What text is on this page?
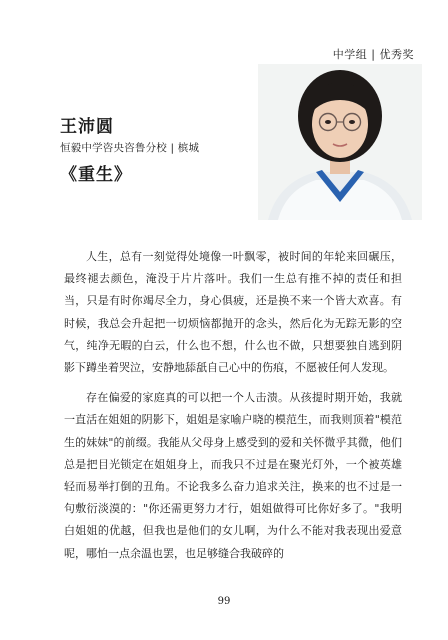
中学组 | 优秀奖
王沛圆
恒毅中学咨央咨鲁分校 | 槟城
《重生》

人生，总有一刻觉得处境像一叶飘零，被时间的年轮来回碾压，最终褪去颜色，淹没于片片落叶。我们一生总有推不掉的责任和担当，只是有时你竭尽全力，身心俱疲，还是换不来一个皆大欢喜。有时候，我总会升起把一切烦恼都抛开的念头，然后化为无踪无影的空气，纯净无暇的白云，什么也不想，什么也不做，只想要独自逃到阴影下蹲坐着哭泣，安静地舔舐自己心中的伤痕，不愿被任何人发现。

存在偏爱的家庭真的可以把一个人击溃。从孩提时期开始，我就一直活在姐姐的阴影下，姐姐是家喻户晓的模范生，而我则顶着"模范生的妹妹"的前缀。我能从父母身上感受到的爱和关怀微乎其微，他们总是把目光锁定在姐姐身上，而我只不过是在聚光灯外，一个被英雄轻而易举打倒的丑角。不论我多么奋力追求关注，换来的也不过是一句敷衍淡漠的："你还需更努力才行，姐姐做得可比你好多了。"我明白姐姐的优越，但我也是他们的女儿啊，为什么不能对我表现出爱意呢，哪怕一点余温也罢，也足够缝合我破碎的

99
